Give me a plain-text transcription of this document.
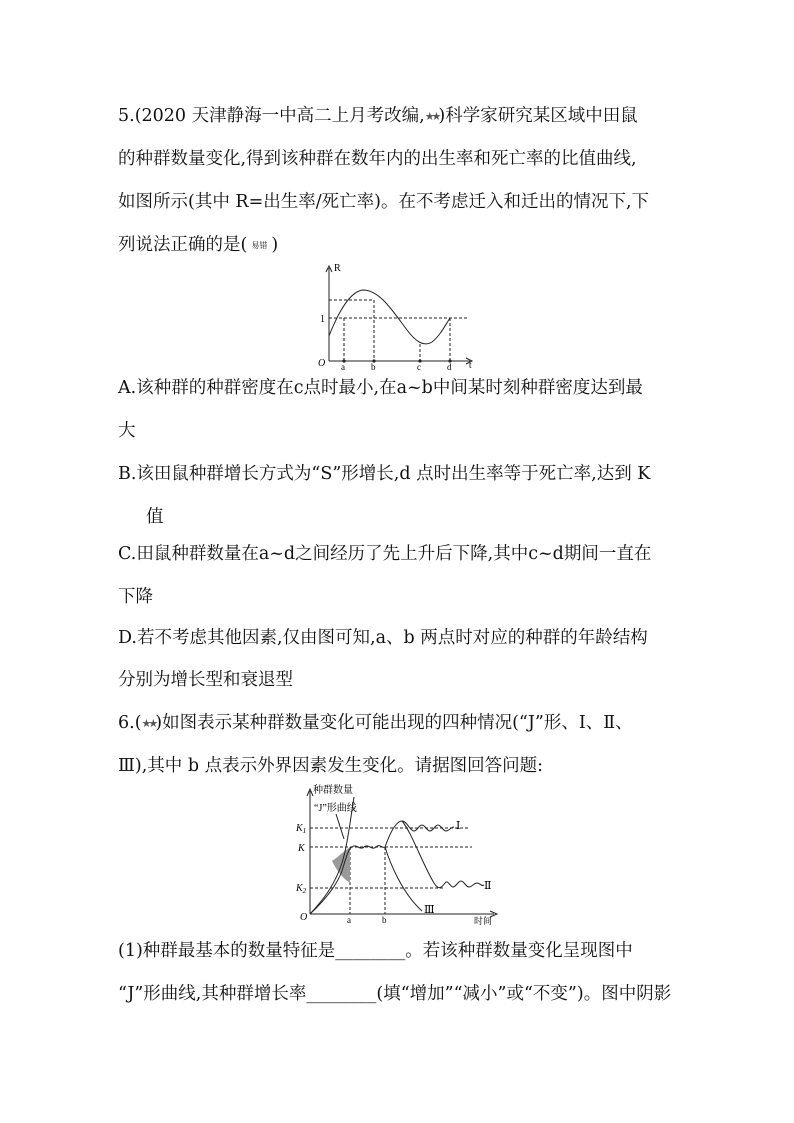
5.(2020 天津静海一中高二上月考改编,★★)科学家研究某区域中田鼠
的种群数量变化,得到该种群在数年内的出生率和死亡率的比值曲线,
如图所示(其中 R=出生率/死亡率)。在不考虑迁入和迁出的情况下,下
列说法正确的是( 易错 )
R
1
O	t
a	b	c	d
A.该种群的种群密度在c点时最小,在a~b中间某时刻种群密度达到最
大
B.该田鼠种群增长方式为“S”形增长,d 点时出生率等于死亡率,达到 K
值
C.田鼠种群数量在a~d之间经历了先上升后下降,其中c~d期间一直在
下降
D.若不考虑其他因素,仅由图可知,a、b 两点时对应的种群的年龄结构
分别为增长型和衰退型
6.(★★)如图表示某种群数量变化可能出现的四种情况(“J”形、Ⅰ、Ⅱ、
Ⅲ),其中 b 点表示外界因素发生变化。请据图回答问题:
种群数量
“J”形曲线
$K_1$
K
$K_2$
O	a	b	时间
Ⅰ
Ⅱ
Ⅲ
(1)种群最基本的数量特征是________。若该种群数量变化呈现图中
“J”形曲线,其种群增长率________(填“增加”“减小”或“不变”)。图中阴影
